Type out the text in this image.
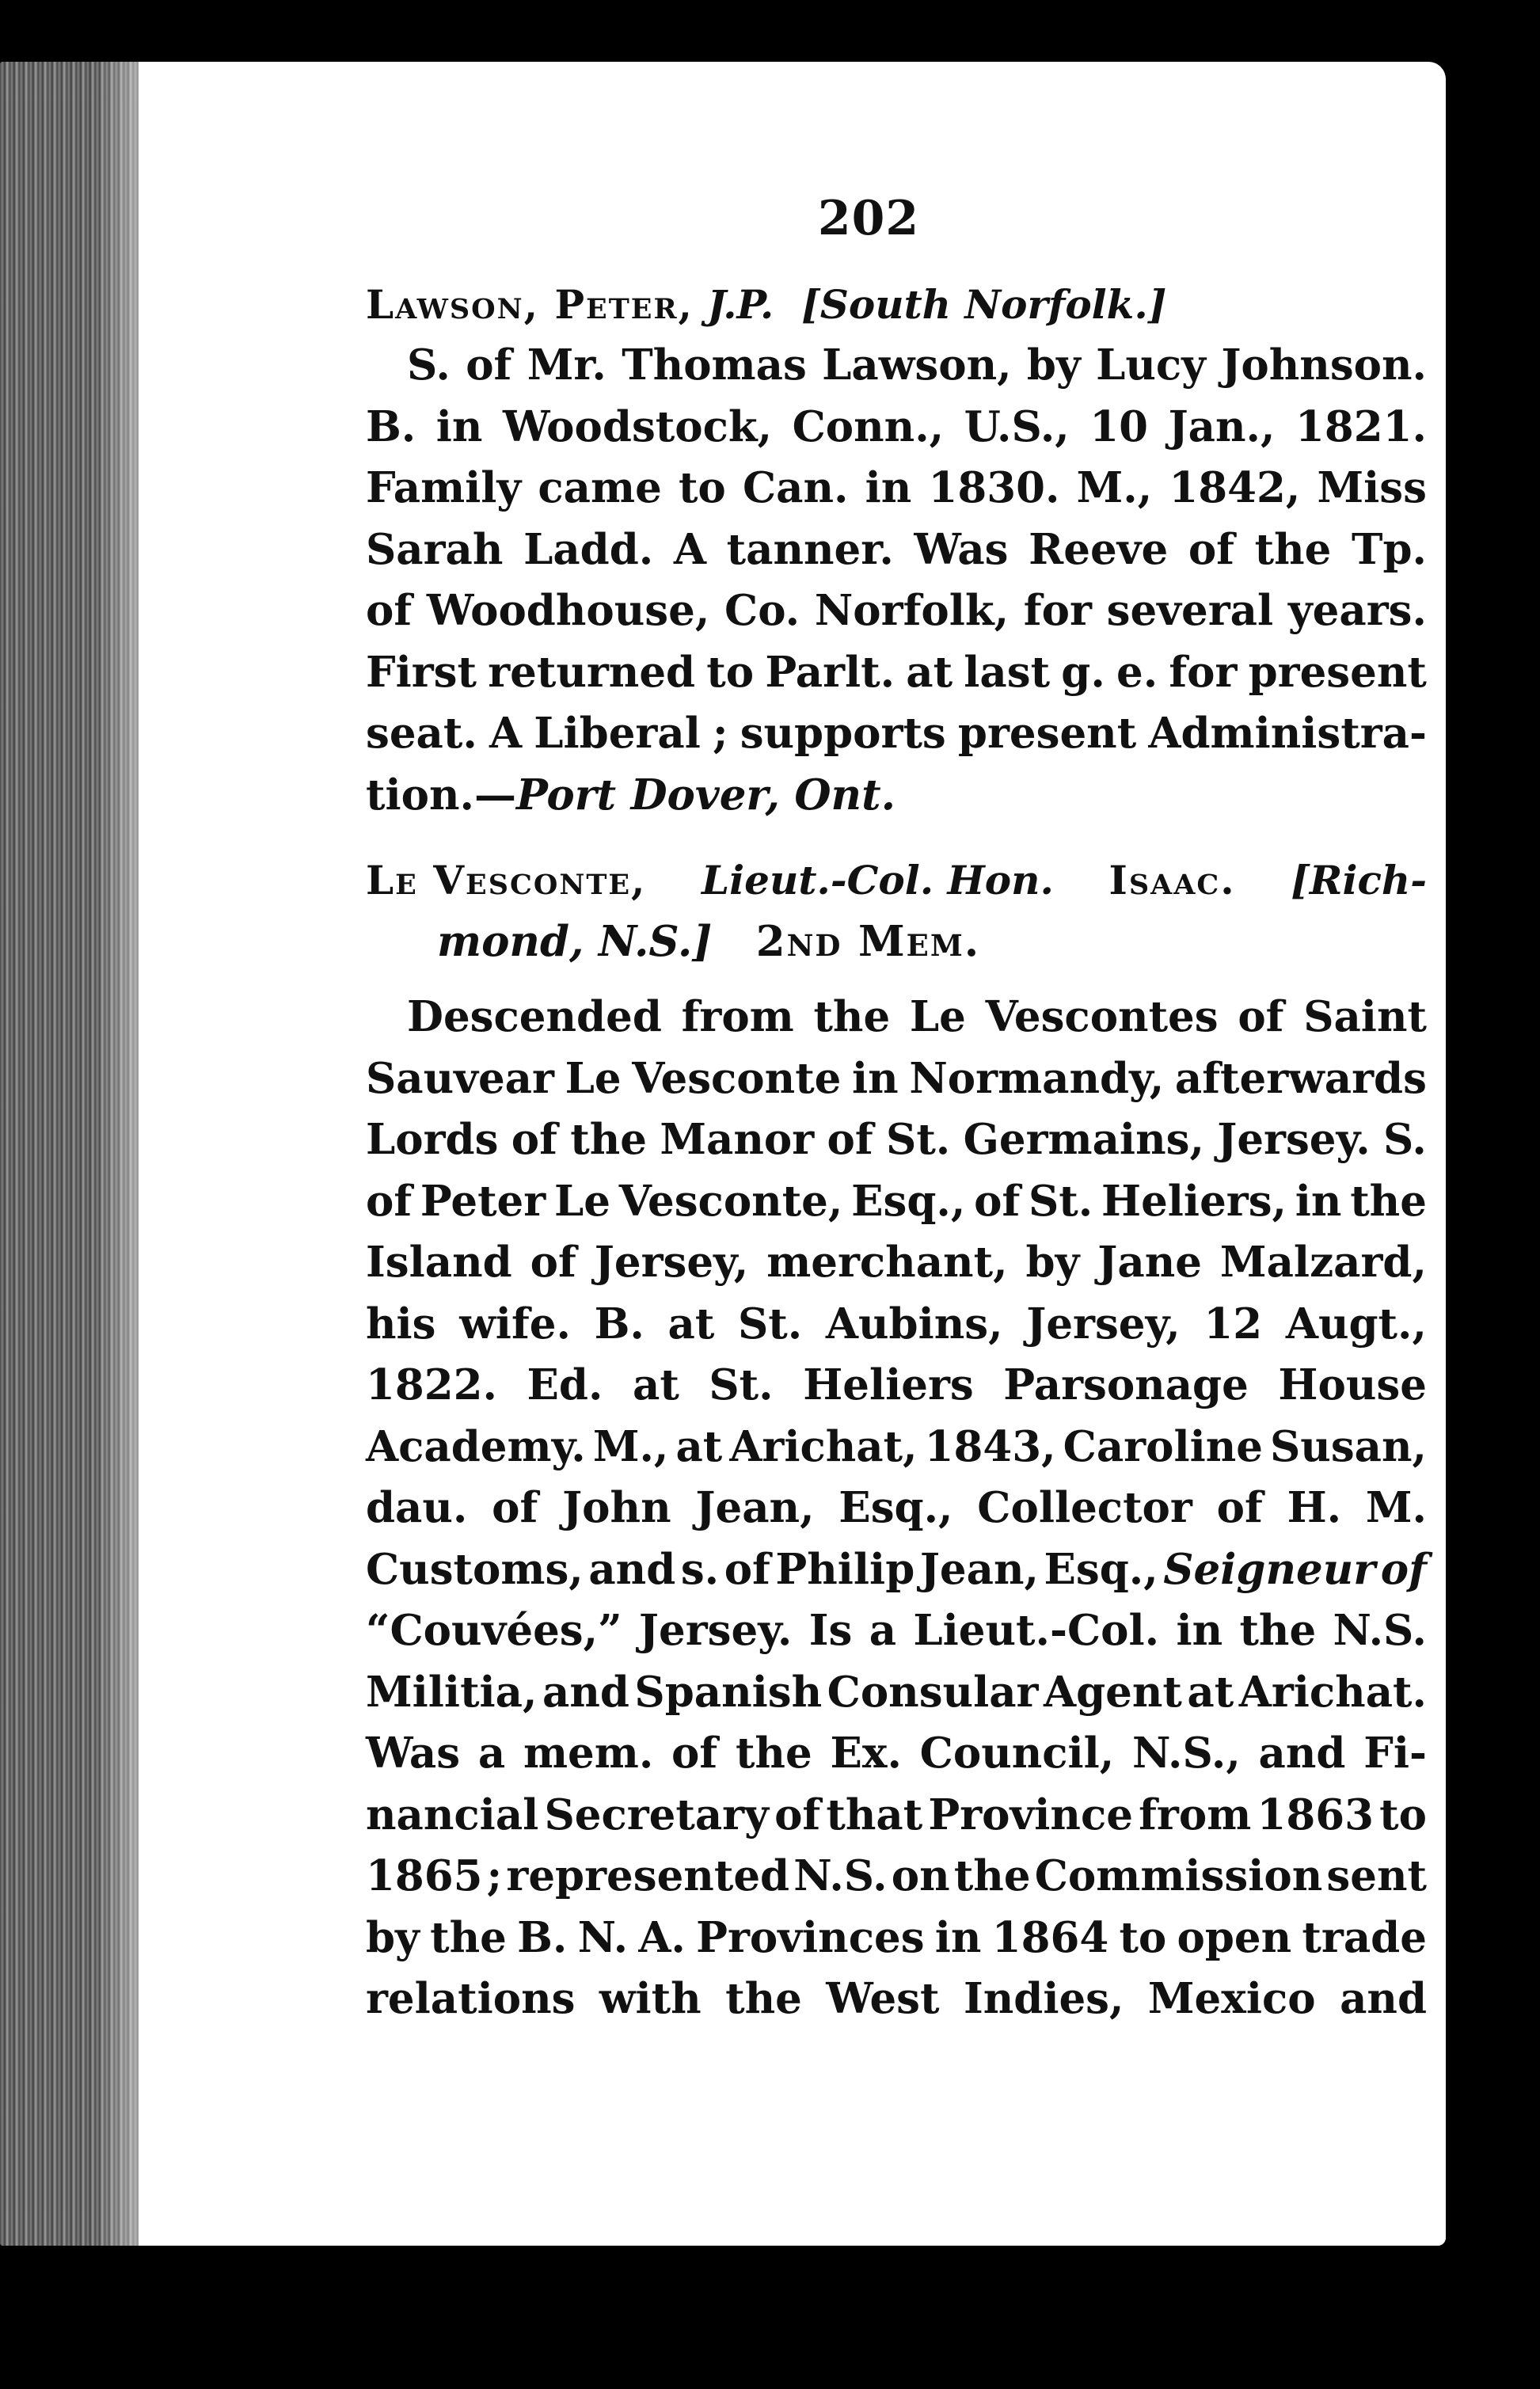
202
Lawson, Peter,
J.P.
[South Norfolk.]
S. of Mr. Thomas Lawson, by Lucy Johnson.
B. in Woodstock, Conn., U.S., 10 Jan., 1821.
Family came to Can. in 1830. M., 1842, Miss
Sarah Ladd. A tanner. Was Reeve of the Tp.
of Woodhouse, Co. Norfolk, for several years.
First returned to Parlt. at last g. e. for present
seat. A Liberal ; supports present Administra-
tion.— Port Dover, Ont.
Le Vesconte, Lieut.-Col. Hon. Isaac. [Rich-
mond, N.S.]
2nd Mem.
Descended from the Le Vescontes of Saint
Sauvear Le Vesconte in Normandy, afterwards
Lords of the Manor of St. Germains, Jersey. S.
of Peter Le Vesconte, Esq., of St. Heliers, in the
Island of Jersey, merchant, by Jane Malzard,
his wife. B. at St. Aubins, Jersey, 12 Augt.,
1822. Ed. at St. Heliers Parsonage House
Academy. M., at Arichat, 1843, Caroline Susan,
dau. of John Jean, Esq., Collector of H. M.
Customs, and s. of Philip Jean, Esq., Seigneur of
“Couvées,” Jersey. Is a Lieut.-Col. in the N.S.
Militia, and Spanish Consular Agent at Arichat.
Was a mem. of the Ex. Council, N.S., and Fi-
nancial Secretary of that Province from 1863 to
1865 ; represented N.S. on the Commission sent
by the B. N. A. Provinces in 1864 to open trade
relations with the West Indies, Mexico and
